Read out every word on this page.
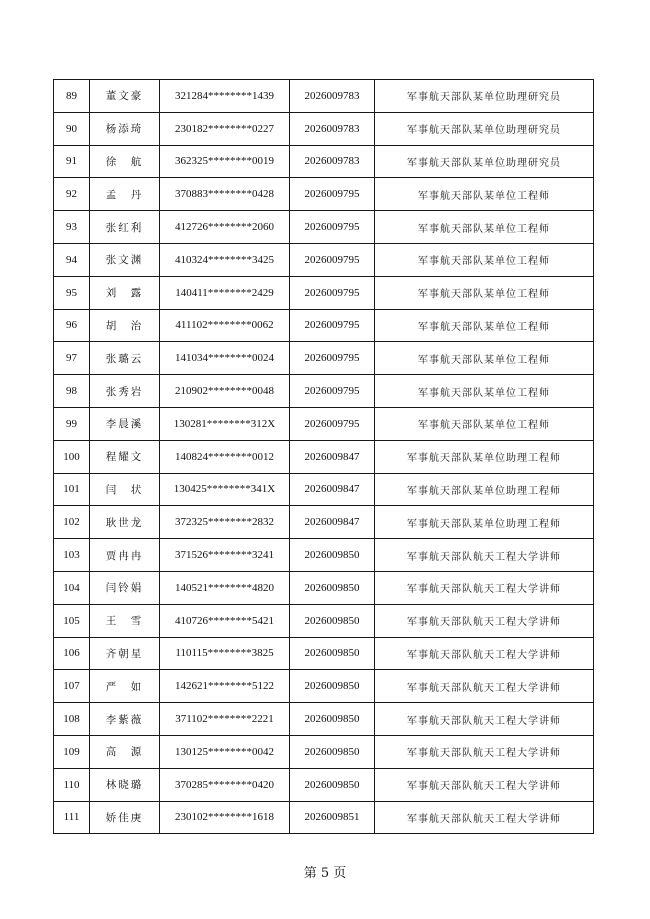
89	董文豪	321284********1439	2026009783	军事航天部队某单位助理研究员
90	杨添琦	230182********0227	2026009783	军事航天部队某单位助理研究员
91	徐　航	362325********0019	2026009783	军事航天部队某单位助理研究员
92	孟　丹	370883********0428	2026009795	军事航天部队某单位工程师
93	张红利	412726********2060	2026009795	军事航天部队某单位工程师
94	张文渊	410324********3425	2026009795	军事航天部队某单位工程师
95	刘　露	140411********2429	2026009795	军事航天部队某单位工程师
96	胡　治	411102********0062	2026009795	军事航天部队某单位工程师
97	张璐云	141034********0024	2026009795	军事航天部队某单位工程师
98	张秀岩	210902********0048	2026009795	军事航天部队某单位工程师
99	李晨溪	130281********312X	2026009795	军事航天部队某单位工程师
100	程耀文	140824********0012	2026009847	军事航天部队某单位助理工程师
101	闫　状	130425********341X	2026009847	军事航天部队某单位助理工程师
102	耿世龙	372325********2832	2026009847	军事航天部队某单位助理工程师
103	贾冉冉	371526********3241	2026009850	军事航天部队航天工程大学讲师
104	闫铃娟	140521********4820	2026009850	军事航天部队航天工程大学讲师
105	王　雪	410726********5421	2026009850	军事航天部队航天工程大学讲师
106	齐朝星	110115********3825	2026009850	军事航天部队航天工程大学讲师
107	严　如	142621********5122	2026009850	军事航天部队航天工程大学讲师
108	李紫薇	371102********2221	2026009850	军事航天部队航天工程大学讲师
109	高　源	130125********0042	2026009850	军事航天部队航天工程大学讲师
110	林晓璐	370285********0420	2026009850	军事航天部队航天工程大学讲师
111	娇佳庚	230102********1618	2026009851	军事航天部队航天工程大学讲师
第 5 页
